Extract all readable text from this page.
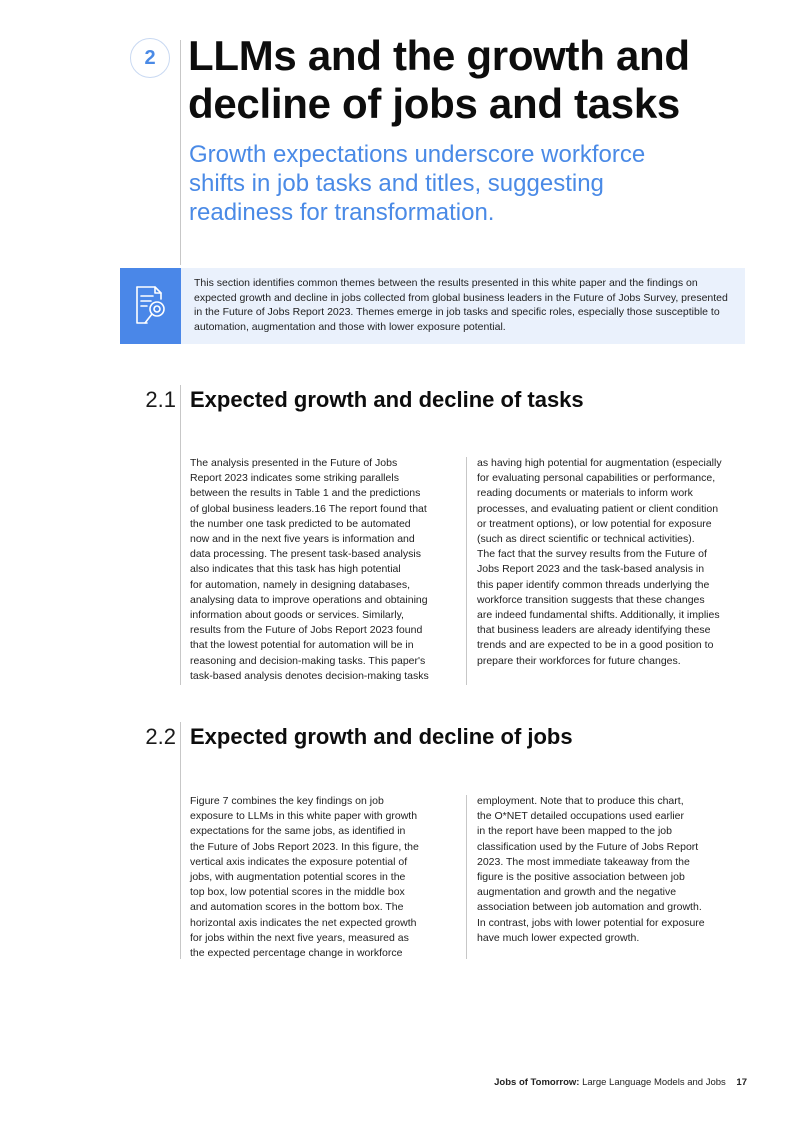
2 LLMs and the growth and decline of jobs and tasks

Growth expectations underscore workforce shifts in job tasks and titles, suggesting readiness for transformation.

This section identifies common themes between the results presented in this white paper and the findings on expected growth and decline in jobs collected from global business leaders in the Future of Jobs Survey, presented in the Future of Jobs Report 2023. Themes emerge in job tasks and specific roles, especially those susceptible to automation, augmentation and those with lower exposure potential.
2.1 Expected growth and decline of tasks
The analysis presented in the Future of Jobs
Report 2023 indicates some striking parallels
between the results in Table 1 and the predictions
of global business leaders.16 The report found that
the number one task predicted to be automated
now and in the next five years is information and
data processing. The present task-based analysis
also indicates that this task has high potential
for automation, namely in designing databases,
analysing data to improve operations and obtaining
information about goods or services. Similarly,
results from the Future of Jobs Report 2023 found
that the lowest potential for automation will be in
reasoning and decision-making tasks. This paper's
task-based analysis denotes decision-making tasks
as having high potential for augmentation (especially
for evaluating personal capabilities or performance,
reading documents or materials to inform work
processes, and evaluating patient or client condition
or treatment options), or low potential for exposure
(such as direct scientific or technical activities).
The fact that the survey results from the Future of
Jobs Report 2023 and the task-based analysis in
this paper identify common threads underlying the
workforce transition suggests that these changes
are indeed fundamental shifts. Additionally, it implies
that business leaders are already identifying these
trends and are expected to be in a good position to
prepare their workforces for future changes.
2.2 Expected growth and decline of jobs
Figure 7 combines the key findings on job
exposure to LLMs in this white paper with growth
expectations for the same jobs, as identified in
the Future of Jobs Report 2023. In this figure, the
vertical axis indicates the exposure potential of
jobs, with augmentation potential scores in the
top box, low potential scores in the middle box
and automation scores in the bottom box. The
horizontal axis indicates the net expected growth
for jobs within the next five years, measured as
the expected percentage change in workforce
employment. Note that to produce this chart,
the O*NET detailed occupations used earlier
in the report have been mapped to the job
classification used by the Future of Jobs Report
2023. The most immediate takeaway from the
figure is the positive association between job
augmentation and growth and the negative
association between job automation and growth.
In contrast, jobs with lower potential for exposure
have much lower expected growth.
Jobs of Tomorrow: Large Language Models and Jobs 17
